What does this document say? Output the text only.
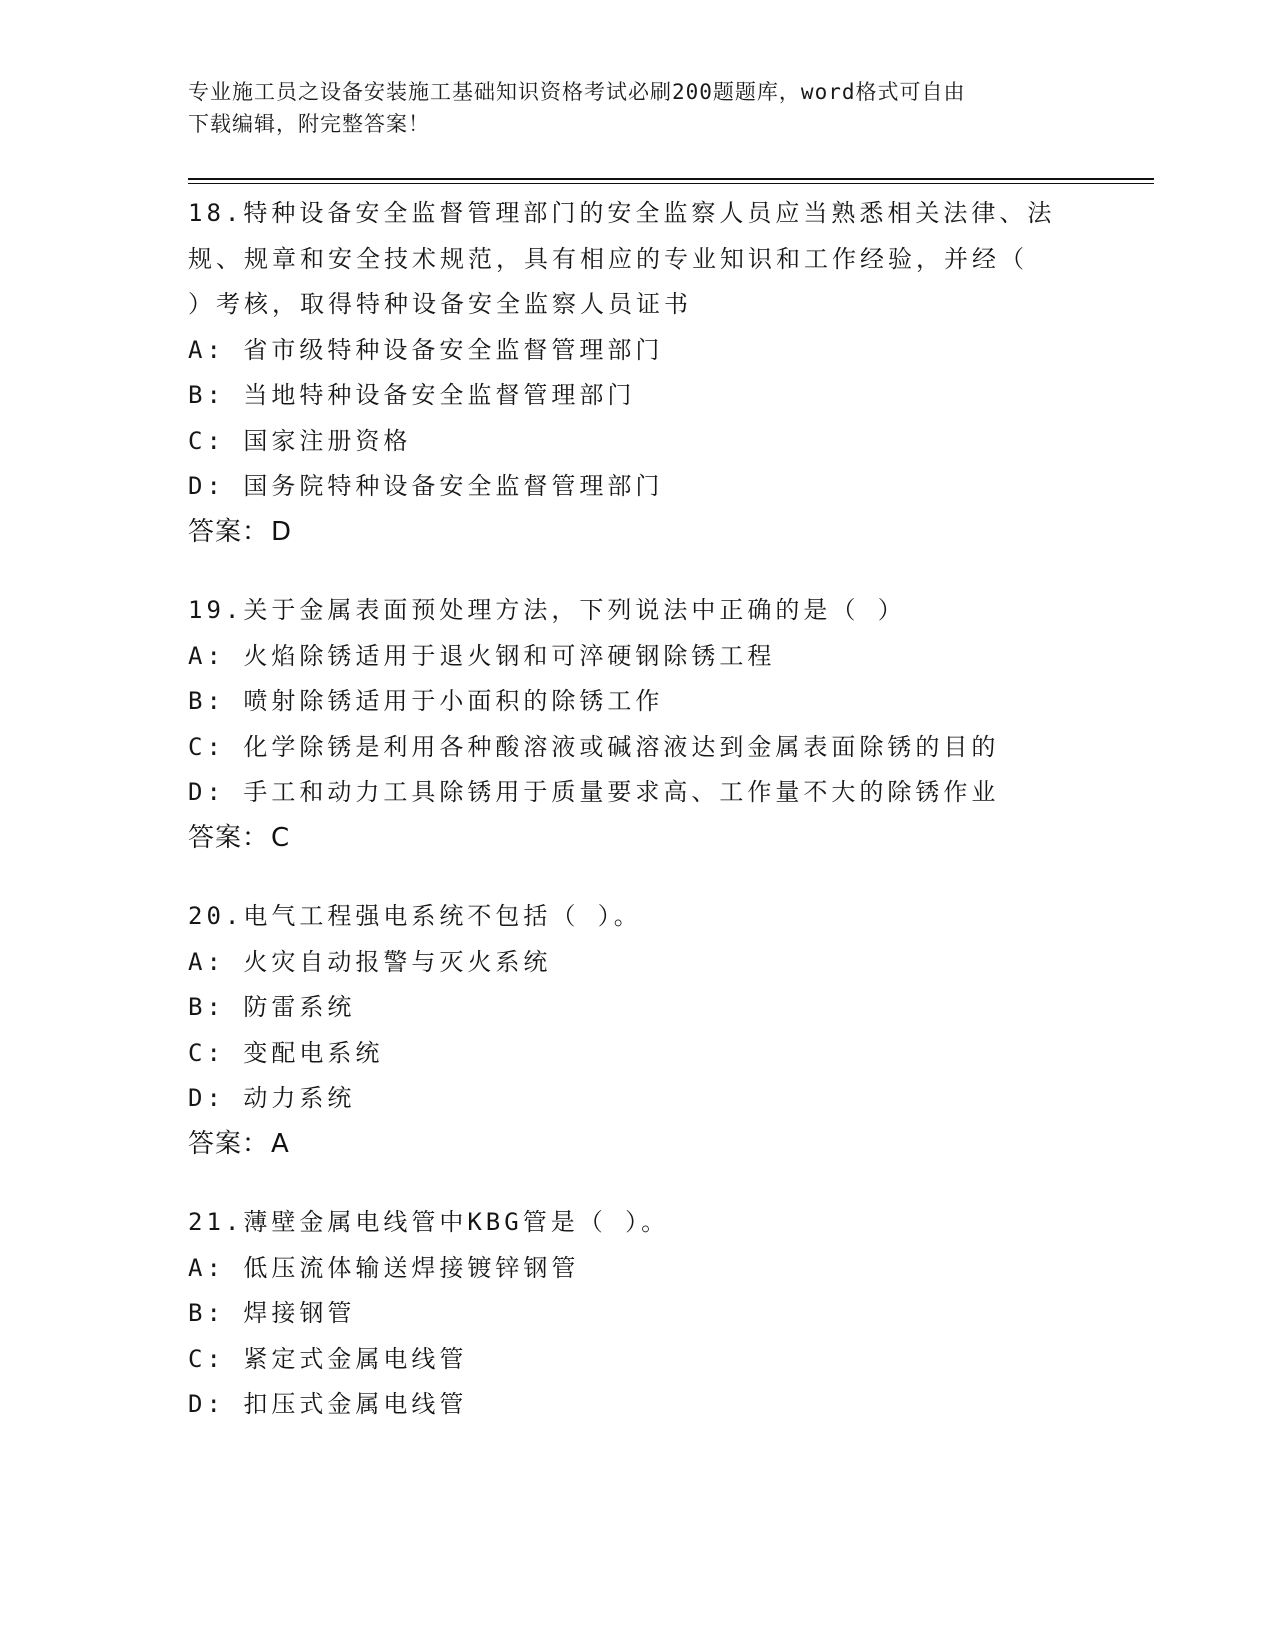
专业施工员之设备安装施工基础知识资格考试必刷200题题库，word格式可自由
下载编辑，附完整答案！

18.特种设备安全监督管理部门的安全监察人员应当熟悉相关法律、法

规、规章和安全技术规范，具有相应的专业知识和工作经验，并经（

）考核，取得特种设备安全监察人员证书

A: 省市级特种设备安全监督管理部门

B: 当地特种设备安全监督管理部门

C: 国家注册资格

D: 国务院特种设备安全监督管理部门

答案：D

19.关于金属表面预处理方法，下列说法中正确的是（ ）

A: 火焰除锈适用于退火钢和可淬硬钢除锈工程

B: 喷射除锈适用于小面积的除锈工作

C: 化学除锈是利用各种酸溶液或碱溶液达到金属表面除锈的目的

D: 手工和动力工具除锈用于质量要求高、工作量不大的除锈作业

答案：C

20.电气工程强电系统不包括（ ）。

A: 火灾自动报警与灭火系统

B: 防雷系统

C: 变配电系统

D: 动力系统

答案：A

21.薄壁金属电线管中KBG管是（ ）。

A: 低压流体输送焊接镀锌钢管

B: 焊接钢管

C: 紧定式金属电线管

D: 扣压式金属电线管
